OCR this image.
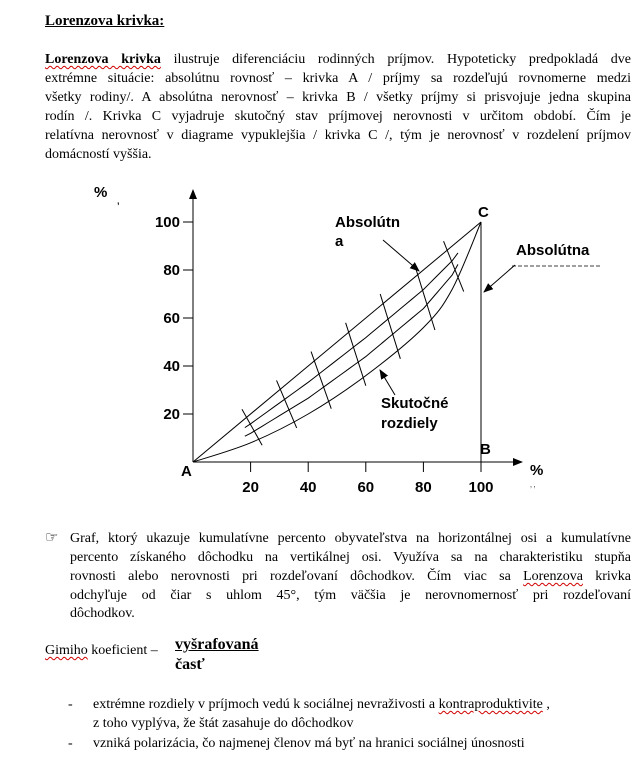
Lorenzova krivka:
Lorenzova krivka ilustruje diferenciáciu rodinných príjmov. Hypoteticky predpokladá dve
extrémne situácie: absolútnu rovnosť – krivka A / príjmy sa rozdeľujú rovnomerne medzi
všetky rodiny/. A absolútna nerovnosť – krivka B / všetky príjmy si prisvojuje jedna skupina
rodín /. Krivka C vyjadruje skutočný stav príjmovej nerovnosti v určitom období. Čím je
relatívna nerovnosť v diagrame vypuklejšia / krivka C /, tým je nerovnosť v rozdelení príjmov
domácností vyššia.
20
40
60
80
100
20	40	60	80 100
%
’
%
’ ’
A
B
C
Absolútn
a
Absolútna
Skutočné
rozdiely
☞ Graf, ktorý ukazuje kumulatívne percento obyvateľstva na horizontálnej osi a kumulatívne
percento získaného dôchodku na vertikálnej osi. Využíva sa na charakteristiku stupňa
rovnosti alebo nerovnosti pri rozdeľovaní dôchodkov. Čím viac sa Lorenzova krivka
odchyľuje od čiar s uhlom 45°, tým väčšia je nerovnomernosť pri rozdeľovaní
dôchodkov.
Gimiho koeficient – vyšrafovaná
časť
- extrémne rozdiely v príjmoch vedú k sociálnej nevraživosti a kontraproduktivite ,
z toho vyplýva, že štát zasahuje do dôchodkov
- vzniká polarizácia, čo najmenej členov má byť na hranici sociálnej únosnosti
